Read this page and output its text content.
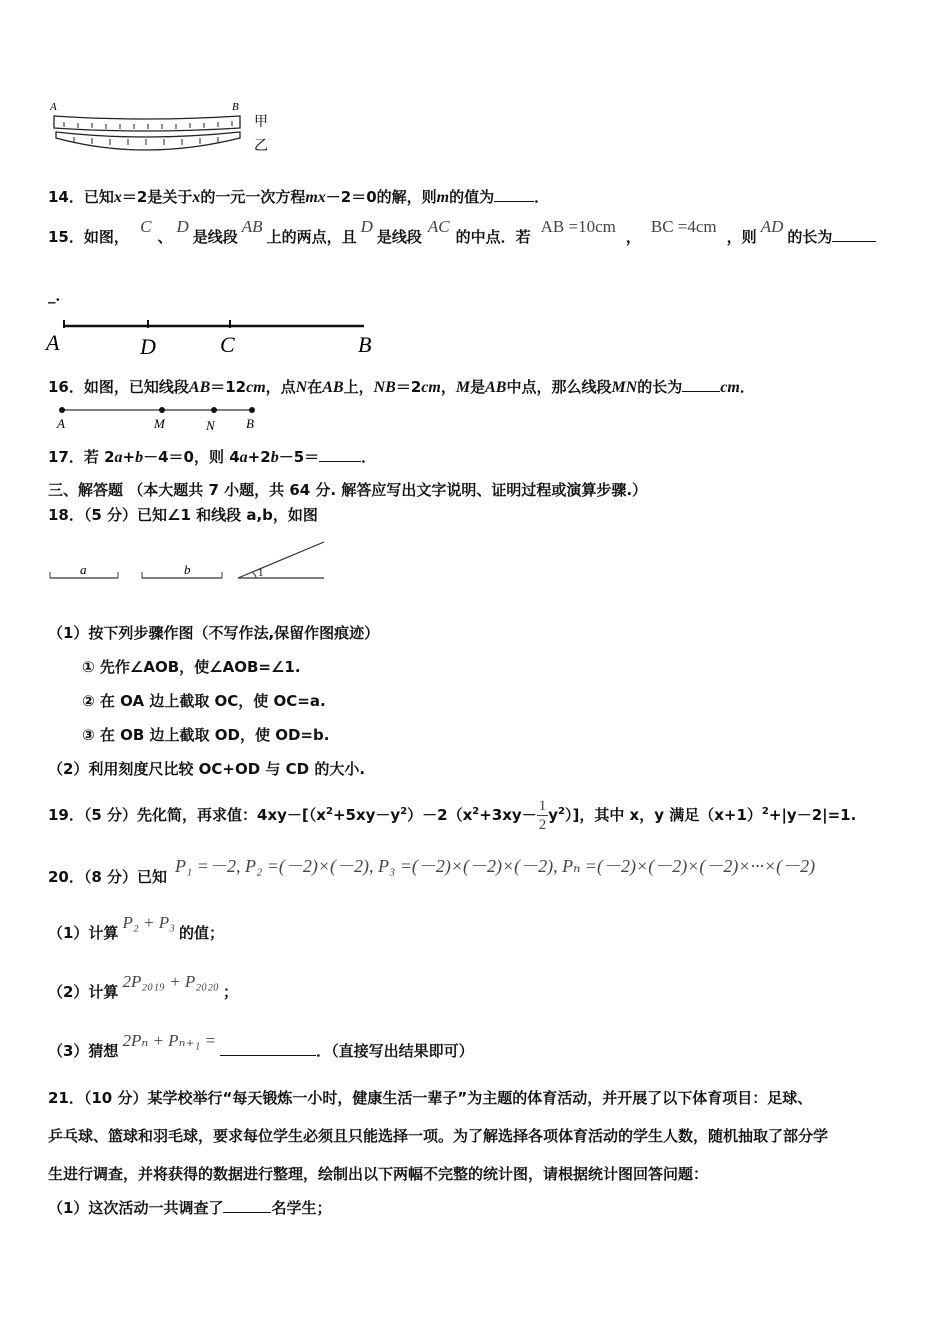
A	B
甲
乙
14．已知x＝2是关于x的一元一次方程mx－2＝0的解，则m的值为	．
15．如图， C、D是线段AB上的两点，且D是线段AC的中点．若AB =10cm，BC =4cm，则AD的长为
_．
A	D	C	B
16．如图，已知线段AB＝12cm，点N在AB上，NB＝2cm，M是AB中点，那么线段MN的长为 cm．
A	M	N B
17．若 2a+b－4＝0，则 4a+2b－5＝	．
三、解答题 （本大题共 7 小题，共 64 分. 解答应写出文字说明、证明过程或演算步骤.）
18．（5 分）已知∠1 和线段 a,b，如图
a	b	1
（1）按下列步骤作图（不写作法,保留作图痕迹）
① 先作∠AOB，使∠AOB=∠1.
② 在 OA 边上截取 OC，使 OC=a.
③ 在 OB 边上截取 OD，使 OD=b.
（2）利用刻度尺比较 OC+OD 与 CD 的大小.
19．（5 分）先化简，再求值：$4xy-[(x^2+5xy-y^2)-2(x^2+3xy- \frac{1}{2} y^2)]$，其中 x，y 满足$(x+1)^2+|y-2|=1$.
20．（8 分）已知P₁ =－2, P₂ =(－2)×(－2), P₃ =(－2)×(－2)×(－2), Pₙ =(－2)×(－2)×(－2)×···×(－2)
（1）计算P₂ + P₃的值；
（2）计算2P₂₀₁₉ + P₂₀₂₀；
（3）猜想2Pₙ + Pₙ₊₁ =．（直接写出结果即可）
21．（10 分）某学校举行“每天锻炼一小时，健康生活一辈子”为主题的体育活动，并开展了以下体育项目：足球、
乒乓球、篮球和羽毛球，要求每位学生必须且只能选择一项。为了解选择各项体育活动的学生人数，随机抽取了部分学
生进行调查，并将获得的数据进行整理，绘制出以下两幅不完整的统计图，请根据统计图回答问题：
（1）这次活动一共调查了	名学生；
